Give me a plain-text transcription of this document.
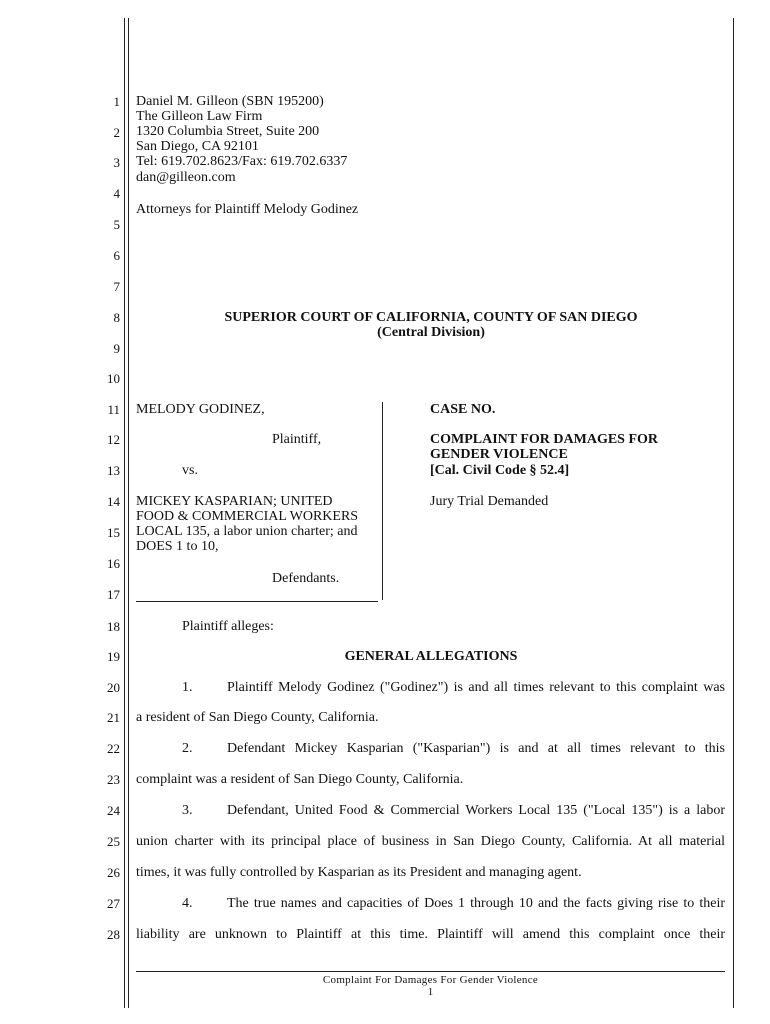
1
2
3
4
5
6
7
8
9
10
11
12
13
14
15
16
17
18
19
20
21
22
23
24
25
26
27
28
Daniel M. Gilleon (SBN 195200)
The Gilleon Law Firm
1320 Columbia Street, Suite 200
San Diego, CA 92101
Tel: 619.702.8623/Fax: 619.702.6337
dan@gilleon.com
Attorneys for Plaintiff Melody Godinez
SUPERIOR COURT OF CALIFORNIA, COUNTY OF SAN DIEGO
(Central Division)
MELODY GODINEZ,
Plaintiff,
vs.
MICKEY KASPARIAN; UNITED
FOOD & COMMERCIAL WORKERS
LOCAL 135, a labor union charter; and
DOES 1 to 10,
Defendants.
CASE NO.
COMPLAINT FOR DAMAGES FOR
GENDER VIOLENCE
[Cal. Civil Code § 52.4]
Jury Trial Demanded
Plaintiff alleges:
GENERAL ALLEGATIONS
1. Plaintiff Melody Godinez ("Godinez") is and all times relevant to this complaint was
a resident of San Diego County, California.
2. Defendant Mickey Kasparian ("Kasparian") is and at all times relevant to this
complaint was a resident of San Diego County, California.
3. Defendant, United Food & Commercial Workers Local 135 ("Local 135") is a labor
union charter with its principal place of business in San Diego County, California. At all material
times, it was fully controlled by Kasparian as its President and managing agent.
4. The true names and capacities of Does 1 through 10 and the facts giving rise to their
liability are unknown to Plaintiff at this time. Plaintiff will amend this complaint once their
Complaint For Damages For Gender Violence
1
